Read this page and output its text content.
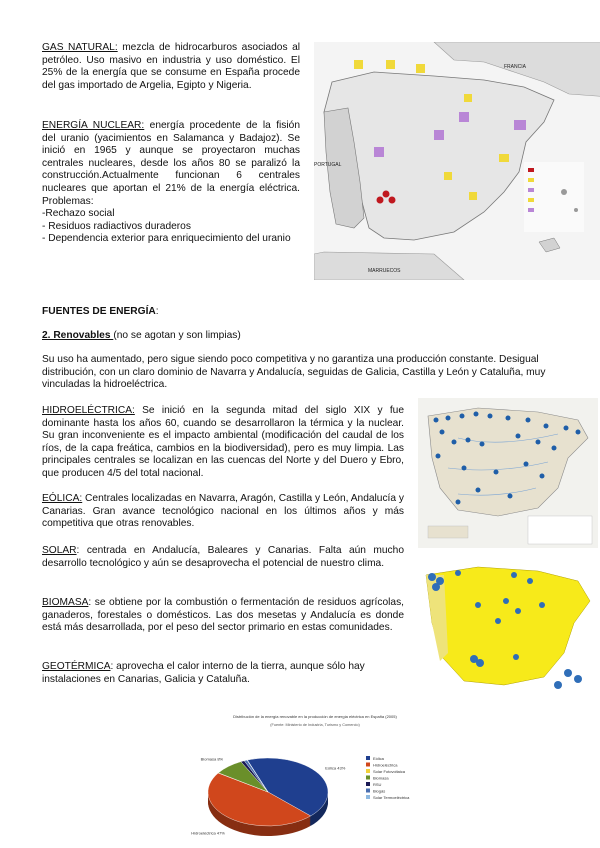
GAS NATURAL: mezcla de hidrocarburos asociados al petróleo. Uso masivo en industria y uso doméstico. El 25% de la energía que se consume en España procede del gas importado de Argelia, Egipto y Nigeria.
ENERGÍA NUCLEAR: energía procedente de la fisión del uranio (yacimientos en Salamanca y Badajoz). Se inició en 1965 y aunque se proyectaron muchas centrales nucleares, desde los años 80 se paralizó la construcción.Actualmente funcionan 6 centrales nucleares que aportan el 21% de la energía eléctrica. Problemas:
-Rechazo social
- Residuos radiactivos duraderos
- Dependencia exterior para enriquecimiento del uranio
FRANCIA
PORTUGAL
MARRUECOS
FUENTES DE ENERGÍA:
2. Renovables (no se agotan y son limpias)
Su uso ha aumentado, pero sigue siendo poco competitiva y no garantiza una producción constante. Desigual distribución, con un claro dominio de Navarra y Andalucía, seguidas de Galicia, Castilla y León y Cataluña, muy vinculadas la hidroeléctrica.
HIDROELÉCTRICA: Se inició en la segunda mitad del siglo XIX y fue dominante hasta los años 60, cuando se desarrollaron la térmica y la nuclear. Su gran inconveniente es el impacto ambiental (modificación del caudal de los ríos, de la capa freática, cambios en la biodiversidad), pero es muy limpia. Las principales centrales se localizan en las cuencas del Norte y del Duero y Ebro, que producen 4/5 del total nacional.
EÓLICA: Centrales localizadas en Navarra, Aragón, Castilla y León, Andalucía y Canarias. Gran avance tecnológico nacional en los últimos años y más competitiva que otras renovables.
SOLAR: centrada en Andalucía, Baleares y Canarias. Falta aún mucho desarrollo tecnológico y aún se desaprovecha el potencial de nuestro clima.
BIOMASA: se obtiene por la combustión o fermentación de residuos agrícolas, ganaderos, forestales o domésticos. Las dos mesetas y Andalucía es donde está más desarrollada, por el peso del sector primario en estas comunidades.
GEOTÉRMICA: aprovecha el calor interno de la tierra, aunque sólo hay instalaciones en Canarias, Galicia y Cataluña.
Distribución de la energía renovable en la producción de energía eléctrica en España (2005)
(Fuente: Ministerio de Industria, Turismo y Comercio)
Eólica 43%
Hidroeléctrica 47%
Biomasa 8%	Eólica
Hidroeléctrica
Solar Fotovoltaica
Biomasa
RSU
Biogás
Solar Termoeléctrica
